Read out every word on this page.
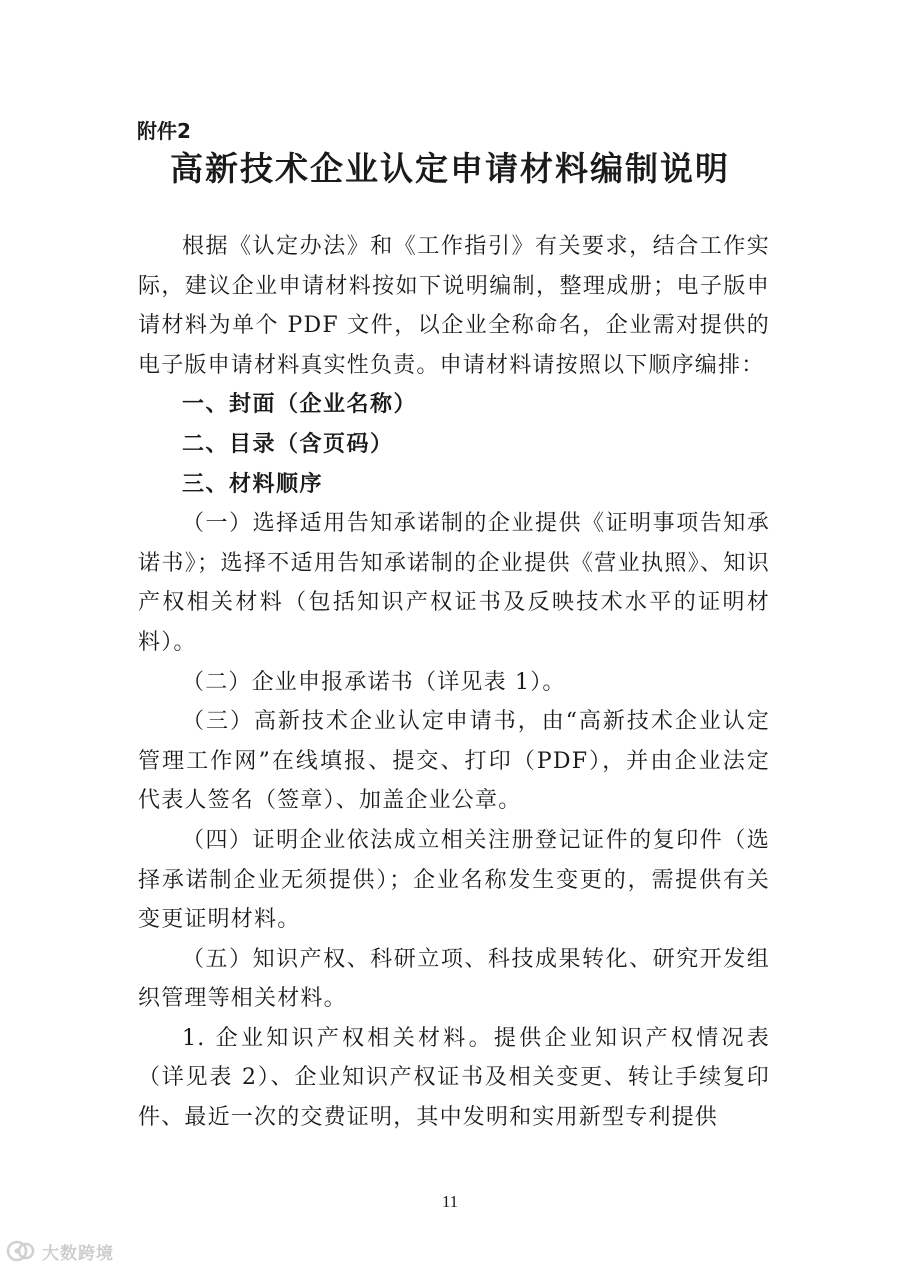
附件2
高新技术企业认定申请材料编制说明

根据《认定办法》和《工作指引》有关要求，结合工作实际，建议企业申请材料按如下说明编制，整理成册；电子版申请材料为单个 PDF 文件，以企业全称命名，企业需对提供的电子版申请材料真实性负责。申请材料请按照以下顺序编排：

一、封面（企业名称）

二、目录（含页码）

三、材料顺序

（一）选择适用告知承诺制的企业提供《证明事项告知承诺书》；选择不适用告知承诺制的企业提供《营业执照》、知识产权相关材料（包括知识产权证书及反映技术水平的证明材料）。

（二）企业申报承诺书（详见表 1）。

（三）高新技术企业认定申请书，由“高新技术企业认定管理工作网”在线填报、提交、打印（PDF），并由企业法定代表人签名（签章）、加盖企业公章。

（四）证明企业依法成立相关注册登记证件的复印件（选择承诺制企业无须提供）；企业名称发生变更的，需提供有关变更证明材料。

（五）知识产权、科研立项、科技成果转化、研究开发组织管理等相关材料。

1. 企业知识产权相关材料。提供企业知识产权情况表（详见表 2）、企业知识产权证书及相关变更、转让手续复印件、最近一次的交费证明，其中发明和实用新型专利提供

11
大数跨境
